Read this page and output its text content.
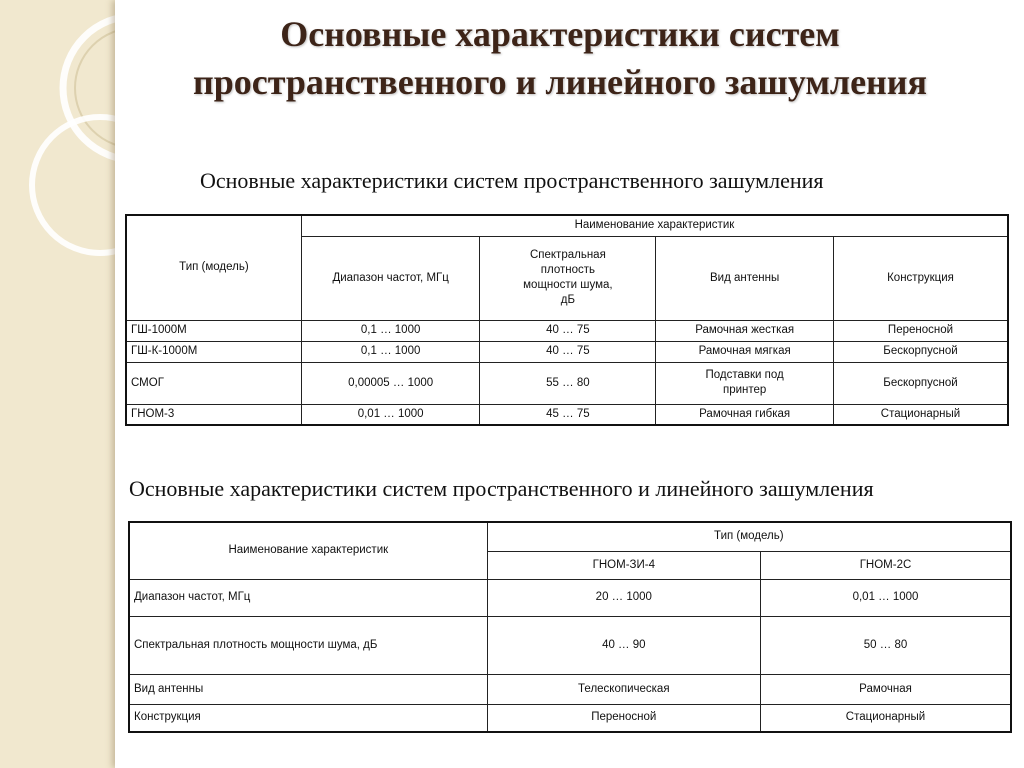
Основные характеристики систем пространственного и линейного зашумления
Основные характеристики систем пространственного зашумления
Тип (модель)	Наименование характеристик			
	Диапазон частот, МГц	Спектральная плотность мощности шума, дБ	Вид антенны	Конструкция
ГШ-1000М	0,1 … 1000	40 … 75	Рамочная жесткая	Переносной
ГШ-К-1000М	0,1 … 1000	40 … 75	Рамочная мягкая	Бескорпусной
СМОГ	0,00005 … 1000	55 … 80	Подставки под принтер	Бескорпусной
ГНОМ-3	0,01 … 1000	45 … 75	Рамочная гибкая	Стационарный
Основные характеристики систем пространственного и линейного зашумления
Наименование характеристик	Тип (модель)	
	ГНОМ-ЗИ-4	ГНОМ-2С
Диапазон частот, МГц	20 … 1000	0,01 … 1000
Спектральная плотность мощности шума, дБ	40 … 90	50 … 80
Вид антенны	Телескопическая	Рамочная
Конструкция	Переносной	Стационарный
